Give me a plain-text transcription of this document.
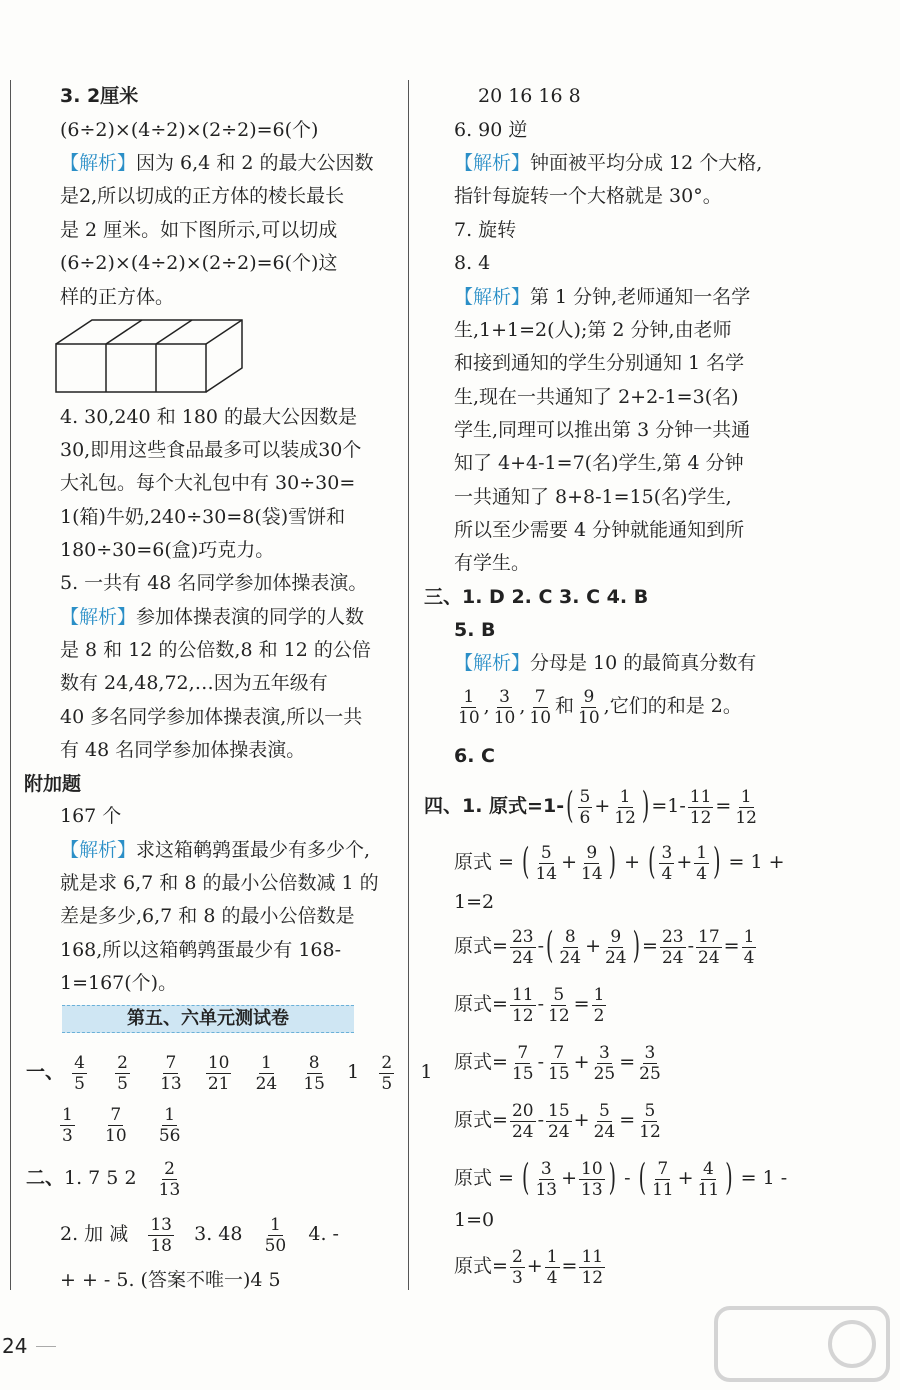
3. 2厘米
(6÷2)×(4÷2)×(2÷2)=6(个)
【解析】因为 6,4 和 2 的最大公因数
是2,所以切成的正方体的棱长最长
是 2 厘米。如下图所示,可以切成
(6÷2)×(4÷2)×(2÷2)=6(个)这
样的正方体。
4. 30,240 和 180 的最大公因数是
30,即用这些食品最多可以装成30个
大礼包。每个大礼包中有 30÷30=
1(箱)牛奶,240÷30=8(袋)雪饼和
180÷30=6(盒)巧克力。
5. 一共有 48 名同学参加体操表演。
【解析】参加体操表演的同学的人数
是 8 和 12 的公倍数,8 和 12 的公倍
数有 24,48,72,…因为五年级有
40 多名同学参加体操表演,所以一共
有 48 名同学参加体操表演。
附加题
167 个
【解析】求这箱鹌鹑蛋最少有多少个,
就是求 6,7 和 8 的最小公倍数减 1 的
差是多少,6,7 和 8 的最小公倍数是
168,所以这箱鹌鹑蛋最少有 168-
1=167(个)。
第五、六单元测试卷
一、 $\frac{4}{5}$
$\frac{2}{5}$
$\frac{7}{13}$
$\frac{10}{21}$
$\frac{1}{24}$
$\frac{8}{15} 1 \frac{2}{5} 1$
$\frac{1}{3}$
$\frac{7}{10}$
$\frac{1}{56}$
二、1. 7 5 $2 \frac{2}{13}$
2. 加 减 $\frac{13}{18} 3$. $48 \frac{1}{50} 4$. -
+ + - 5. (答案不唯一)4 5
24
20 16 16 8
6. 90 逆
【解析】钟面被平均分成 12 个大格,
指针每旋转一个大格就是 30°。
7. 旋转
8. 4
【解析】第 1 分钟,老师通知一名学
生,1+1=2(人);第 2 分钟,由老师
和接到通知的学生分别通知 1 名学
生,现在一共通知了 2+2-1=3(名)
学生,同理可以推出第 3 分钟一共通
知了 4+4-1=7(名)学生,第 4 分钟
一共通知了 8+8-1=15(名)学生,
所以至少需要 4 分钟就能通知到所
有学生。
三、1. D 2. C 3. C 4. B
5. B
【解析】分母是 10 的最简真分数有
$\frac{1}{10}$ , $\frac{3}{10}$ , $\frac{7}{10}$ 和 $\frac{9}{10}$ ,它们的和是 2。
6. C
四、1. 原式=1- ( $\frac{5}{6} + \frac{1}{12}$ ) $=1- \frac{11}{12} = \frac{1}{12}$
原式 = ( $\frac{5}{14} + \frac{9}{14}$ ) + ( $\frac{3}{4} + \frac{1}{4}$ ) = 1 +
1=2
原式= $\frac{23}{24}$ - ( $\frac{8}{24} + \frac{9}{24}$ ) = $\frac{23}{24} - \frac{17}{24} = \frac{1}{4}$
原式= $\frac{11}{12} - \frac{5}{12} = \frac{1}{2}$
原式= $\frac{7}{15} - \frac{7}{15} + \frac{3}{25} = \frac{3}{25}$
原式= $\frac{20}{24} - \frac{15}{24} + \frac{5}{24} = \frac{5}{12}$
原式 = ( $\frac{3}{13} + \frac{10}{13}$ ) - ( $\frac{7}{11} + \frac{4}{11}$ ) = 1 -
1=0
原式= $\frac{2}{3} + \frac{1}{4} = \frac{11}{12}$
